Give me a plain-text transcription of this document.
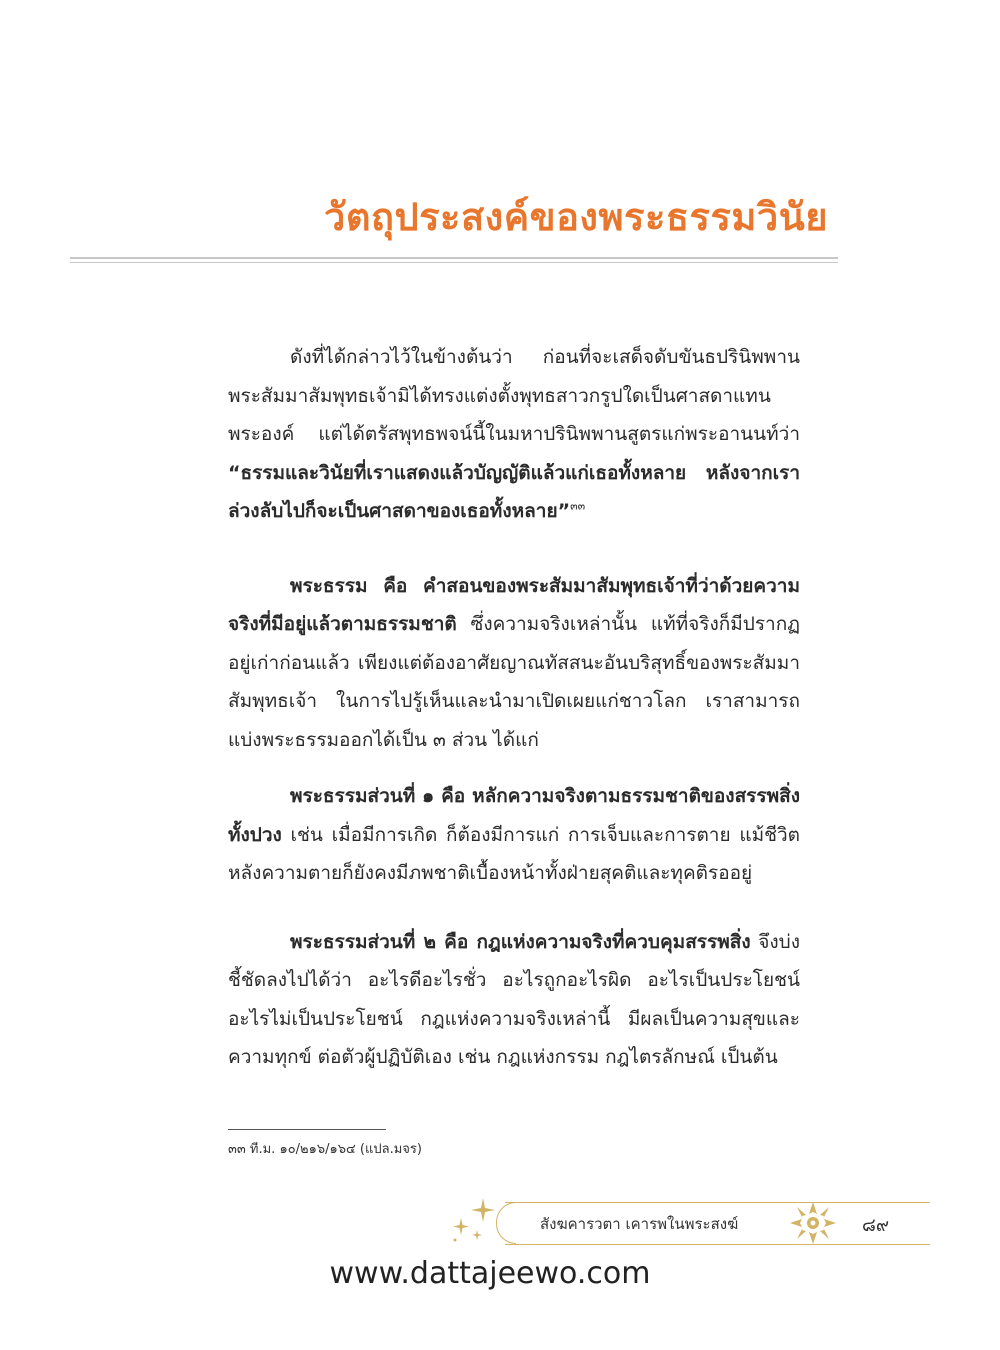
วัตถุประสงค์ของพระธรรมวินัย

ดังที่ได้กล่าวไว้ในข้างต้นว่า ก่อนที่จะเสด็จดับขันธปรินิพพาน พระสัมมาสัมพุทธเจ้ามิได้ทรงแต่งตั้งพุทธสาวกรูปใดเป็นศาสดาแทนพระองค์ แต่ได้ตรัสพุทธพจน์นี้ในมหาปรินิพพานสูตรแก่พระอานนท์ว่า “ธรรมและวินัยที่เราแสดงแล้วบัญญัติแล้วแก่เธอทั้งหลาย หลังจากเราล่วงลับไปก็จะเป็นศาสดาของเธอทั้งหลาย”$^{๓๓}$

พระธรรม คือ คำสอนของพระสัมมาสัมพุทธเจ้าที่ว่าด้วยความจริงที่มีอยู่แล้วตามธรรมชาติ ซึ่งความจริงเหล่านั้น แท้ที่จริงก็มีปรากฏอยู่เก่าก่อนแล้ว เพียงแต่ต้องอาศัยญาณทัสสนะอันบริสุทธิ์ของพระสัมมาสัมพุทธเจ้า ในการไปรู้เห็นและนำมาเปิดเผยแก่ชาวโลก เราสามารถแบ่งพระธรรมออกได้เป็น ๓ ส่วน ได้แก่

พระธรรมส่วนที่ ๑ คือ หลักความจริงตามธรรมชาติของสรรพสิ่งทั้งปวง เช่น เมื่อมีการเกิด ก็ต้องมีการแก่ การเจ็บและการตาย แม้ชีวิตหลังความตายก็ยังคงมีภพชาติเบื้องหน้าทั้งฝ่ายสุคติและทุคติรออยู่

พระธรรมส่วนที่ ๒ คือ กฎแห่งความจริงที่ควบคุมสรรพสิ่ง จึงบ่งชี้ชัดลงไปได้ว่า อะไรดีอะไรชั่ว อะไรถูกอะไรผิด อะไรเป็นประโยชน์ อะไรไม่เป็นประโยชน์ กฎแห่งความจริงเหล่านี้ มีผลเป็นความสุขและความทุกข์ ต่อตัวผู้ปฏิบัติเอง เช่น กฎแห่งกรรม กฎไตรลักษณ์ เป็นต้น

๓๓ ที.ม. ๑๐/๒๑๖/๑๖๔ (แปล.มจร)
สังฆคารวตา เคารพในพระสงฆ์	๘๙
www.dattajeewo.com
